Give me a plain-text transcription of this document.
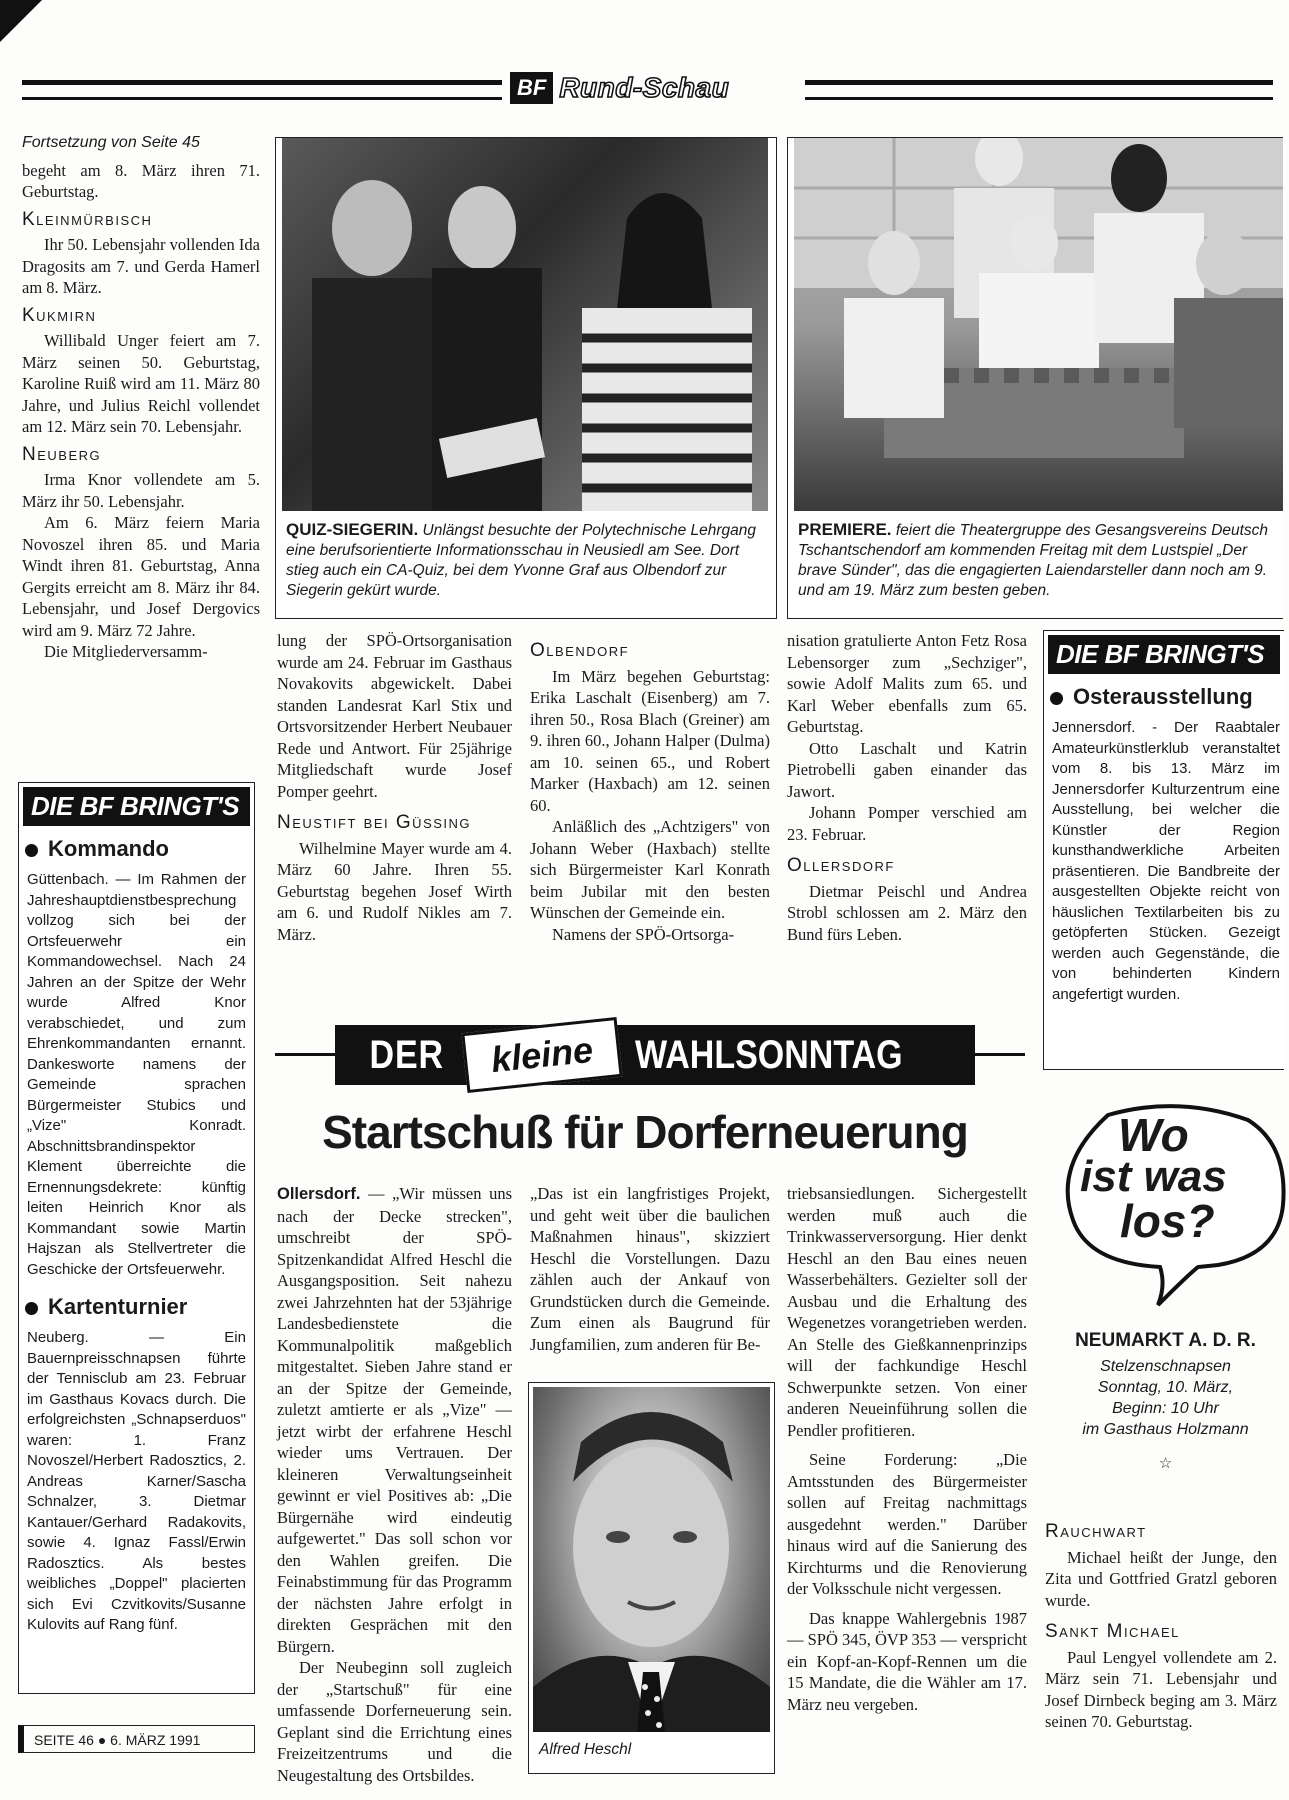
BF Rund-Schau
Fortsetzung von Seite 45

begeht am 8. März ihren 71. Geburtstag.

Kleinmürbisch

Ihr 50. Lebensjahr vollenden Ida Dragosits am 7. und Gerda Hamerl am 8. März.

Kukmirn

Willibald Unger feiert am 7. März seinen 50. Geburtstag, Karoline Ruiß wird am 11. März 80 Jahre, und Julius Reichl vollendet am 12. März sein 70. Lebensjahr.

Neuberg

Irma Knor vollendete am 5. März ihr 50. Lebensjahr.

Am 6. März feiern Maria Novoszel ihren 85. und Maria Windt ihren 81. Geburtstag, Anna Gergits erreicht am 8. März ihr 84. Lebensjahr, und Josef Dergovics wird am 9. März 72 Jahre.

Die Mitgliederversamm-

DIE BF BRINGT'S
Kommando
Güttenbach. — Im Rahmen der Jahreshauptdienstbesprechung vollzog sich bei der Ortsfeuerwehr ein Kommandowechsel. Nach 24 Jahren an der Spitze der Wehr wurde Alfred Knor verabschiedet, und zum Ehrenkommandanten ernannt. Dankesworte namens der Gemeinde sprachen Bürgermeister Stubics und „Vize" Konradt. Abschnittsbrandinspektor Klement überreichte die Ernennungsdekrete: künftig leiten Heinrich Knor als Kommandant sowie Martin Hajszan als Stellvertreter die Geschicke der Ortsfeuerwehr.
Kartenturnier
Neuberg. — Ein Bauernpreisschnapsen führte der Tennisclub am 23. Februar im Gasthaus Kovacs durch. Die erfolgreichsten „Schnapserduos" waren: 1. Franz Novoszel/Herbert Radosztics, 2. Andreas Karner/Sascha Schnalzer, 3. Dietmar Kantauer/Gerhard Radakovits, sowie 4. Ignaz Fassl/Erwin Radosztics. Als bestes weibliches „Doppel" placierten sich Evi Czvitkovits/Susanne Kulovits auf Rang fünf.
SEITE 46 ● 6. MÄRZ 1991
QUIZ-SIEGERIN. Unlängst besuchte der Polytechnische Lehrgang eine berufsorientierte Informationsschau in Neusiedl am See. Dort stieg auch ein CA-Quiz, bei dem Yvonne Graf aus Olbendorf zur Siegerin gekürt wurde.
PREMIERE. feiert die Theatergruppe des Gesangsvereins Deutsch Tschantschendorf am kommenden Freitag mit dem Lustspiel „Der brave Sünder", das die engagierten Laiendarsteller dann noch am 9. und am 19. März zum besten geben.

lung der SPÖ-Ortsorganisation wurde am 24. Februar im Gasthaus Novakovits abgewickelt. Dabei standen Landesrat Karl Stix und Ortsvorsitzender Herbert Neubauer Rede und Antwort. Für 25jährige Mitgliedschaft wurde Josef Pomper geehrt.

Neustift bei Güssing

Wilhelmine Mayer wurde am 4. März 60 Jahre. Ihren 55. Geburtstag begehen Josef Wirth am 6. und Rudolf Nikles am 7. März.

Olbendorf

Im März begehen Geburtstag: Erika Laschalt (Eisenberg) am 7. ihren 50., Rosa Blach (Greiner) am 9. ihren 60., Johann Halper (Dulma) am 10. seinen 65., und Robert Marker (Haxbach) am 12. seinen 60.

Anläßlich des „Achtzigers" von Johann Weber (Haxbach) stellte sich Bürgermeister Karl Konrath beim Jubilar mit den besten Wünschen der Gemeinde ein.

Namens der SPÖ-Ortsorga-

nisation gratulierte Anton Fetz Rosa Lebensorger zum „Sechziger", sowie Adolf Malits zum 65. und Karl Weber ebenfalls zum 65. Geburtstag.

Otto Laschalt und Katrin Pietrobelli gaben einander das Jawort.

Johann Pomper verschied am 23. Februar.

Ollersdorf

Dietmar Peischl und Andrea Strobl schlossen am 2. März den Bund fürs Leben.

DIE BF BRINGT'S
Osterausstellung
Jennersdorf. - Der Raabtaler Amateurkünstlerklub veranstaltet vom 8. bis 13. März im Jennersdorfer Kulturzentrum eine Ausstellung, bei welcher die Künstler der Region kunsthandwerkliche Arbeiten präsentieren. Die Bandbreite der ausgestellten Objekte reicht von häuslichen Textilarbeiten bis zu getöpferten Stücken. Gezeigt werden auch Gegenstände, die von behinderten Kindern angefertigt wurden.
DER	kleine WAHLSONNTAG
Startschuß für Dorferneuerung

Ollersdorf. — „Wir müssen uns nach der Decke strecken", umschreibt der SPÖ-Spitzenkandidat Alfred Heschl die Ausgangsposition. Seit nahezu zwei Jahrzehnten hat der 53jährige Landesbedienstete die Kommunalpolitik maßgeblich mitgestaltet. Sieben Jahre stand er an der Spitze der Gemeinde, zuletzt amtierte er als „Vize" — jetzt wirbt der erfahrene Heschl wieder ums Vertrauen. Der kleineren Verwaltungseinheit gewinnt er viel Positives ab: „Die Bürgernähe wird eindeutig aufgewertet." Das soll schon vor den Wahlen greifen. Die Feinabstimmung für das Programm der nächsten Jahre erfolgt in direkten Gesprächen mit den Bürgern.

Der Neubeginn soll zugleich der „Startschuß" für eine umfassende Dorferneuerung sein. Geplant sind die Errichtung eines Freizeitzentrums und die Neugestaltung des Ortsbildes.

„Das ist ein langfristiges Projekt, und geht weit über die baulichen Maßnahmen hinaus", skizziert Heschl die Vorstellungen. Dazu zählen auch der Ankauf von Grundstücken durch die Gemeinde. Zum einen als Baugrund für Jungfamilien, zum anderen für Be-

Alfred Heschl

triebsansiedlungen. Sichergestellt werden muß auch die Trinkwasserversorgung. Hier denkt Heschl an den Bau eines neuen Wasserbehälters. Gezielter soll der Ausbau und die Erhaltung des Wegenetzes vorangetrieben werden. An Stelle des Gießkannenprinzips will der fachkundige Heschl Schwerpunkte setzen. Von einer anderen Neueinführung sollen die Pendler profitieren.

Seine Forderung: „Die Amtsstunden des Bürgermeister sollen auf Freitag nachmittags ausgedehnt werden." Darüber hinaus wird auf die Sanierung des Kirchturms und die Renovierung der Volksschule nicht vergessen.

Das knappe Wahlergebnis 1987 — SPÖ 345, ÖVP 353 — verspricht ein Kopf-an-Kopf-Rennen um die 15 Mandate, die die Wähler am 17. März neu vergeben.

Wo
ist was
los?
NEUMARKT A. D. R.
Stelzenschnapsen
Sonntag, 10. März,
Beginn: 10 Uhr
im Gasthaus Holzmann
☆
Rauchwart

Michael heißt der Junge, den Zita und Gottfried Gratzl geboren wurde.

Sankt Michael

Paul Lengyel vollendete am 2. März sein 71. Lebensjahr und Josef Dirnbeck beging am 3. März seinen 70. Geburtstag.
